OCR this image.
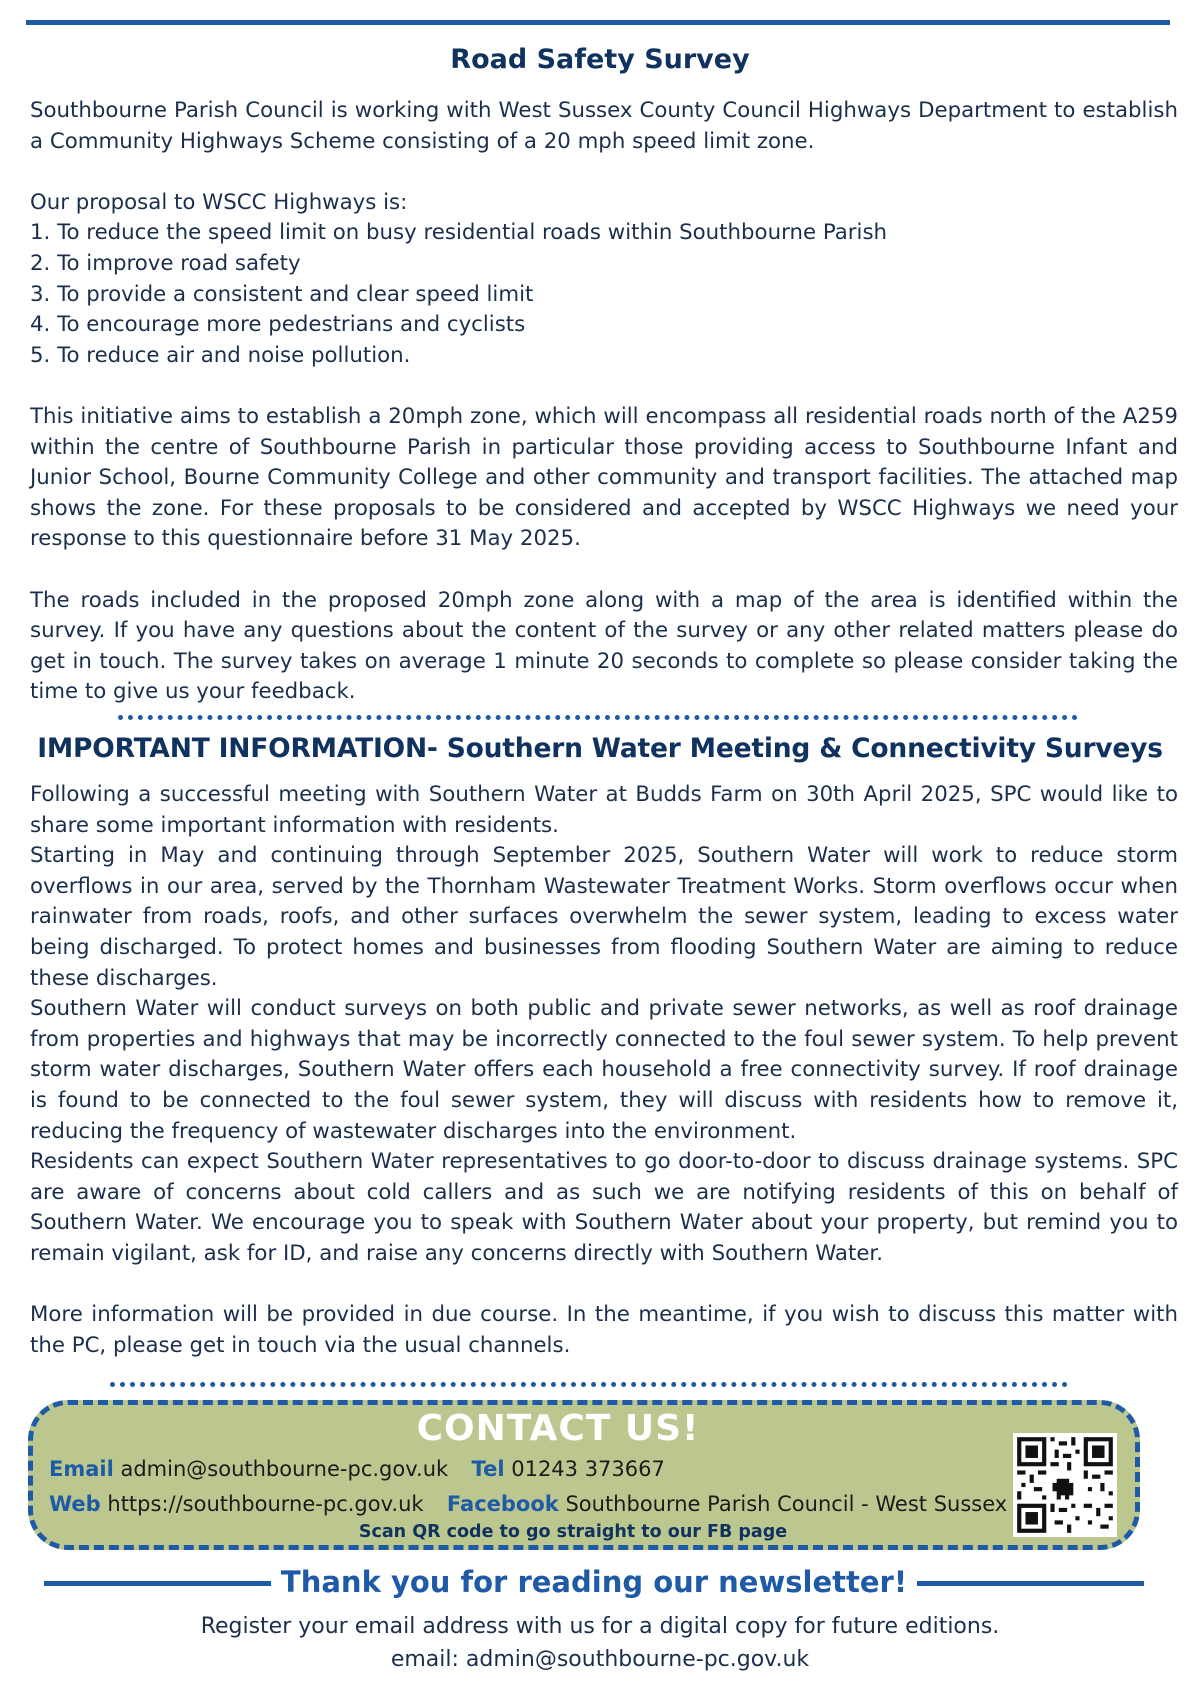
Road Safety Survey

Southbourne Parish Council is working with West Sussex County Council Highways Department to establish a Community Highways Scheme consisting of a 20 mph speed limit zone.

Our proposal to WSCC Highways is:

1. To reduce the speed limit on busy residential roads within Southbourne Parish

2. To improve road safety

3. To provide a consistent and clear speed limit

4. To encourage more pedestrians and cyclists

5. To reduce air and noise pollution.

This initiative aims to establish a 20mph zone, which will encompass all residential roads north of the A259 within the centre of Southbourne Parish in particular those providing access to Southbourne Infant and Junior School, Bourne Community College and other community and transport facilities. The attached map shows the zone. For these proposals to be considered and accepted by WSCC Highways we need your response to this questionnaire before 31 May 2025.

The roads included in the proposed 20mph zone along with a map of the area is identified within the survey. If you have any questions about the content of the survey or any other related matters please do get in touch. The survey takes on average 1 minute 20 seconds to complete so please consider taking the time to give us your feedback.

IMPORTANT INFORMATION- Southern Water Meeting & Connectivity Surveys

Following a successful meeting with Southern Water at Budds Farm on 30th April 2025, SPC would like to share some important information with residents.

Starting in May and continuing through September 2025, Southern Water will work to reduce storm overflows in our area, served by the Thornham Wastewater Treatment Works. Storm overflows occur when rainwater from roads, roofs, and other surfaces overwhelm the sewer system, leading to excess water being discharged. To protect homes and businesses from flooding Southern Water are aiming to reduce these discharges.

Southern Water will conduct surveys on both public and private sewer networks, as well as roof drainage from properties and highways that may be incorrectly connected to the foul sewer system. To help prevent storm water discharges, Southern Water offers each household a free connectivity survey. If roof drainage is found to be connected to the foul sewer system, they will discuss with residents how to remove it, reducing the frequency of wastewater discharges into the environment.

Residents can expect Southern Water representatives to go door-to-door to discuss drainage systems. SPC are aware of concerns about cold callers and as such we are notifying residents of this on behalf of Southern Water. We encourage you to speak with Southern Water about your property, but remind you to remain vigilant, ask for ID, and raise any concerns directly with Southern Water.

More information will be provided in due course. In the meantime, if you wish to discuss this matter with the PC, please get in touch via the usual channels.

CONTACT US!
Email admin@southbourne-pc.gov.uk Tel 01243 373667
Web https://southbourne-pc.gov.uk Facebook Southbourne Parish Council - West Sussex
Scan QR code to go straight to our FB page
Thank you for reading our newsletter!
Register your email address with us for a digital copy for future editions.
email: admin@southbourne-pc.gov.uk
